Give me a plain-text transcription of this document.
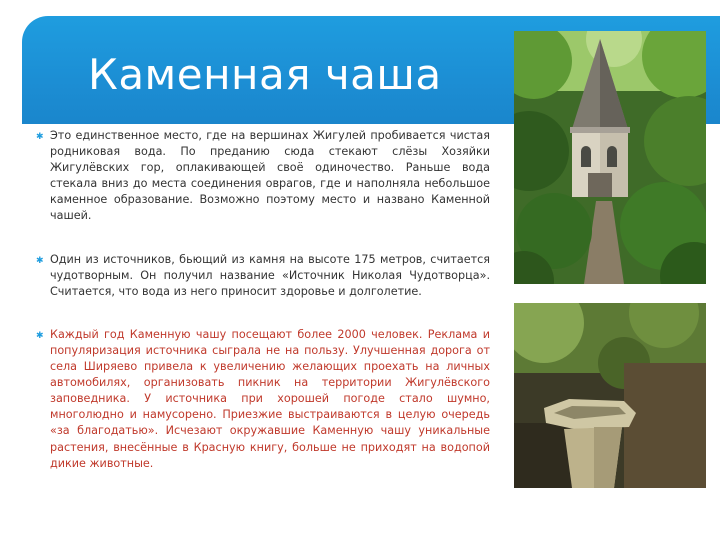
Каменная чаша
✱ Это единственное место, где на вершинах Жигулей пробивается чистая родниковая вода. По преданию сюда стекают слёзы Хозяйки Жигулёвских гор, оплакивающей своё одиночество. Раньше вода стекала вниз до места соединения оврагов, где и наполняла небольшое каменное образование. Возможно поэтому место и названо Каменной чашей.
✱ Один из источников, бьющий из камня на высоте 175 метров, считается чудотворным. Он получил название «Источник Николая Чудотворца». Считается, что вода из него приносит здоровье и долголетие.
✱ Каждый год Каменную чашу посещают более 2000 человек. Реклама и популяризация источника сыграла не на пользу. Улучшенная дорога от села Ширяево привела к увеличению желающих проехать на личных автомобилях, организовать пикник на территории Жигулёвского заповедника. У источника при хорошей погоде стало шумно, многолюдно и намусорено. Приезжие выстраиваются в целую очередь «за благодатью». Исчезают окружавшие Каменную чашу уникальные растения, внесённые в Красную книгу, больше не приходят на водопой дикие животные.
